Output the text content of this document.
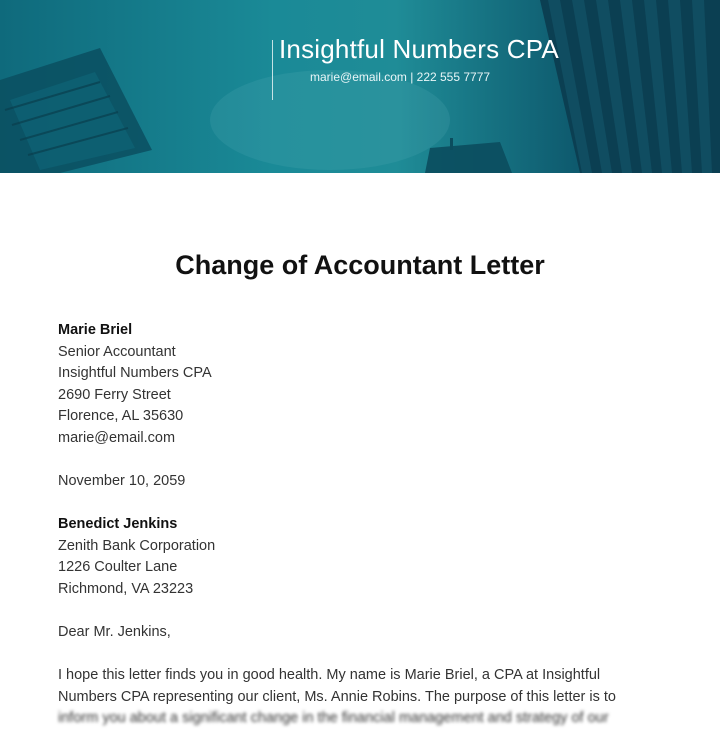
Insightful Numbers CPA
marie@email.com | 222 555 7777
Change of Accountant Letter
Marie Briel
Senior Accountant
Insightful Numbers CPA
2690 Ferry Street
Florence, AL 35630
marie@email.com
November 10, 2059
Benedict Jenkins
Zenith Bank Corporation
1226 Coulter Lane
Richmond, VA 23223
Dear Mr. Jenkins,
I hope this letter finds you in good health. My name is Marie Briel, a CPA at Insightful
Numbers CPA representing our client, Ms. Annie Robins. The purpose of this letter is to
inform you about a significant change in the financial management and strategy of our
